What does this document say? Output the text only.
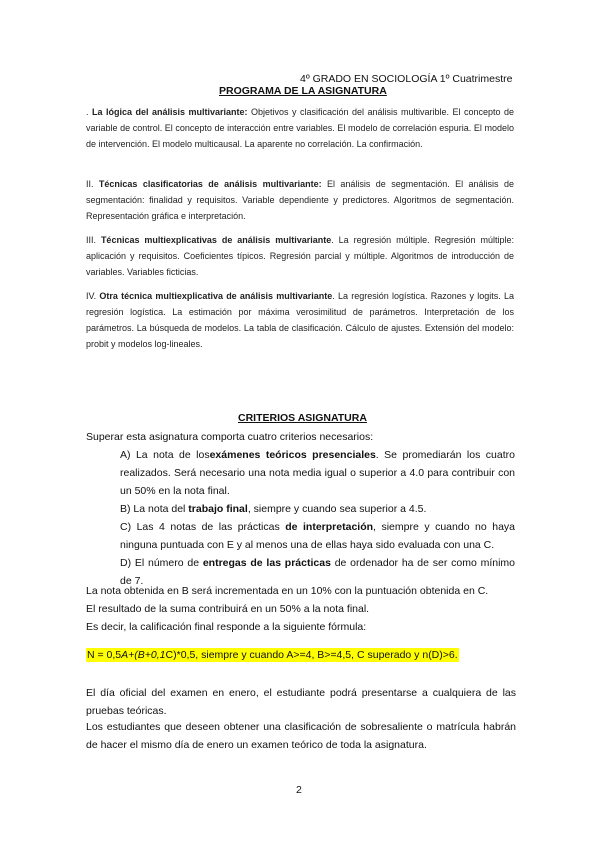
4º GRADO EN SOCIOLOGÍA 1º Cuatrimestre
PROGRAMA DE LA ASIGNATURA
. La lógica del análisis multivariante: Objetivos y clasificación del análisis multivarible. El concepto de variable de control. El concepto de interacción entre variables. El modelo de correlación espuria. El modelo de intervención. El modelo multicausal. La aparente no correlación. La confirmación.
II. Técnicas clasificatorias de análisis multivariante: El análisis de segmentación. El análisis de segmentación: finalidad y requisitos. Variable dependiente y predictores. Algoritmos de segmentación. Representación gráfica e interpretación.
III. Técnicas multiexplicativas de análisis multivariante. La regresión múltiple. Regresión múltiple: aplicación y requisitos. Coeficientes típicos. Regresión parcial y múltiple. Algoritmos de introducción de variables. Variables ficticias.
IV. Otra técnica multiexplicativa de análisis multivariante. La regresión logística. Razones y logits. La regresión logística. La estimación por máxima verosimilitud de parámetros. Interpretación de los parámetros. La búsqueda de modelos. La tabla de clasificación. Cálculo de ajustes. Extensión del modelo: probit y modelos log-lineales.
CRITERIOS ASIGNATURA
Superar esta asignatura comporta cuatro criterios necesarios:
A) La nota de losexámenes teóricos presenciales. Se promediarán los cuatro realizados. Será necesario una nota media igual o superior a 4.0 para contribuir con un 50% en la nota final.
B) La nota del trabajo final, siempre y cuando sea superior a 4.5.
C) Las 4 notas de las prácticas de interpretación, siempre y cuando no haya ninguna puntuada con E y al menos una de ellas haya sido evaluada con una C.
D) El número de entregas de las prácticas de ordenador ha de ser como mínimo de 7.
La nota obtenida en B será incrementada en un 10% con la puntuación obtenida en C.
El resultado de la suma contribuirá en un 50% a la nota final.
Es decir, la calificación final responde a la siguiente fórmula:
N = 0,5A+(B+0,1C)*0,5, siempre y cuando A>=4, B>=4,5, C superado y n(D)>6.
El día oficial del examen en enero, el estudiante podrá presentarse a cualquiera de las pruebas teóricas.
Los estudiantes que deseen obtener una clasificación de sobresaliente o matrícula habrán de hacer el mismo día de enero un examen teórico de toda la asignatura.
2
